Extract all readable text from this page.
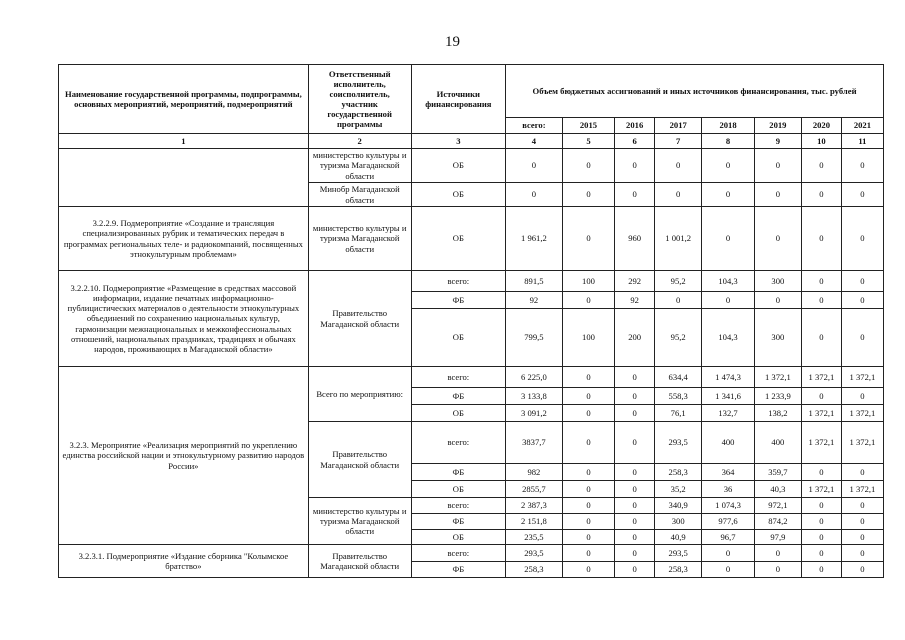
19
Наименование государственной программы, подпрограммы, основных мероприятий, мероприятий, подмероприятий	Ответственный исполнитель, соисполнитель, участник государственной программы	Источники финансирования	Объем бюджетных ассигнований и иных источников финансирования, тыс. рублей							
			всего:	2015	2016	2017	2018	2019	2020	2021
1	2	3	4	5	6	7	8	9	10	11
	министерство культуры и туризма Магаданской области	ОБ	0	0	0	0	0	0	0	0
	Минобр Магаданской области	ОБ	0	0	0	0	0	0	0	0
3.2.2.9. Подмероприятие «Создание и трансляция специализированных рубрик и тематических передач в программах региональных теле- и радиокомпаний, посвященных этнокультурным проблемам»	министерство культуры и туризма Магаданской области	ОБ	1 961,2	0	960	1 001,2	0	0	0	0
3.2.2.10. Подмероприятие «Размещение в средствах массовой информации, издание печатных информационно-публицистических материалов о деятельности этнокультурных объединений по сохранению национальных культур, гармонизации межнациональных и межконфессиональных отношений, национальных праздниках, традициях и обычаях народов, проживающих в Магаданской области»	Правительство Магаданской области	всего:	891,5	100	292	95,2	104,3	300	0	0
		ФБ	92	0	92	0	0	0	0	0
		ОБ	799,5	100	200	95,2	104,3	300	0	0
3.2.3. Мероприятие «Реализация мероприятий по укреплению единства российской нации и этнокультурному развитию народов России»	Всего по мероприятию:	всего:	6 225,0	0	0	634,4	1 474,3	1 372,1	1 372,1	1 372,1
		ФБ	3 133,8	0	0	558,3	1 341,6	1 233,9	0	0
		ОБ	3 091,2	0	0	76,1	132,7	138,2	1 372,1	1 372,1
	Правительство Магаданской области	всего:	3837,7	0	0	293,5	400	400	1 372,1	1 372,1
		ФБ	982	0	0	258,3	364	359,7	0	0
		ОБ	2855,7	0	0	35,2	36	40,3	1 372,1	1 372,1
	министерство культуры и туризма Магаданской области	всего:	2 387,3	0	0	340,9	1 074,3	972,1	0	0
		ФБ	2 151,8	0	0	300	977,6	874,2	0	0
		ОБ	235,5	0	0	40,9	96,7	97,9	0	0
3.2.3.1. Подмероприятие «Издание сборника "Колымское братство»	Правительство Магаданской области	всего:	293,5	0	0	293,5	0	0	0	0
		ФБ	258,3	0	0	258,3	0	0	0	0
